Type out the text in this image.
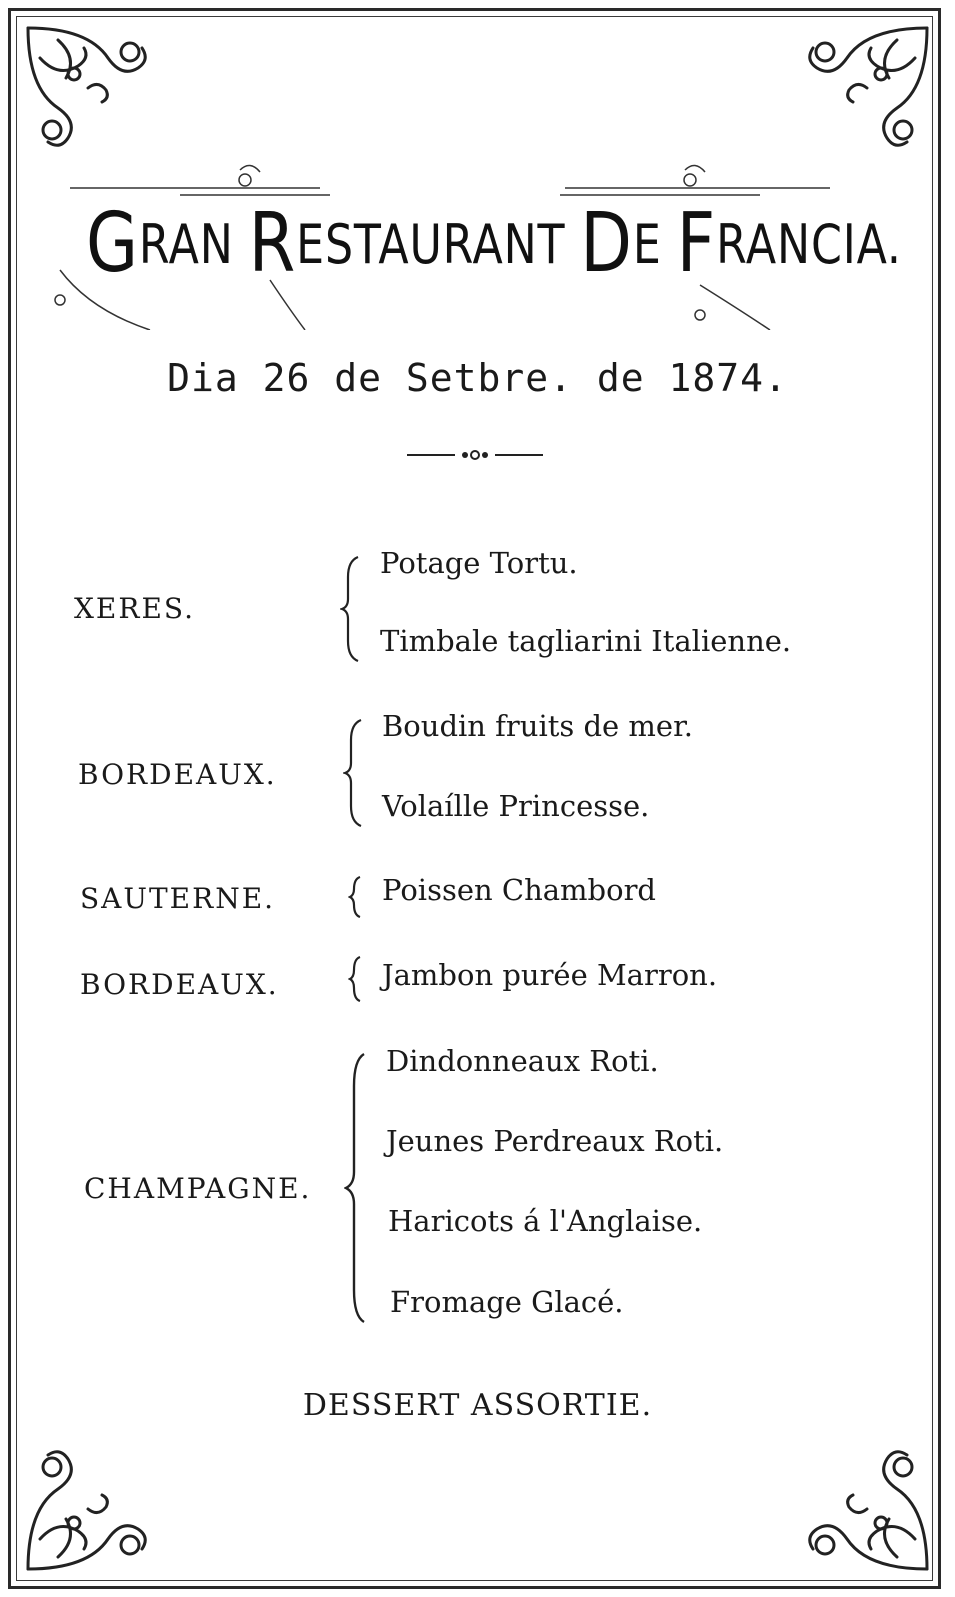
GRAN RESTAURANT DE FRANCIA.
Dia 26 de Setbre. de 1874.
XERES.
Potage Tortu.
Timbale tagliarini Italienne.
BORDEAUX.
Boudin fruits de mer.
Volaílle Princesse.
SAUTERNE.	Poissen Chambord
BORDEAUX.	Jambon purée Marron.
CHAMPAGNE.
Dindonneaux Roti.
Jeunes Perdreaux Roti.
Haricots á l'Anglaise.
Fromage Glacé.
DESSERT ASSORTIE.
